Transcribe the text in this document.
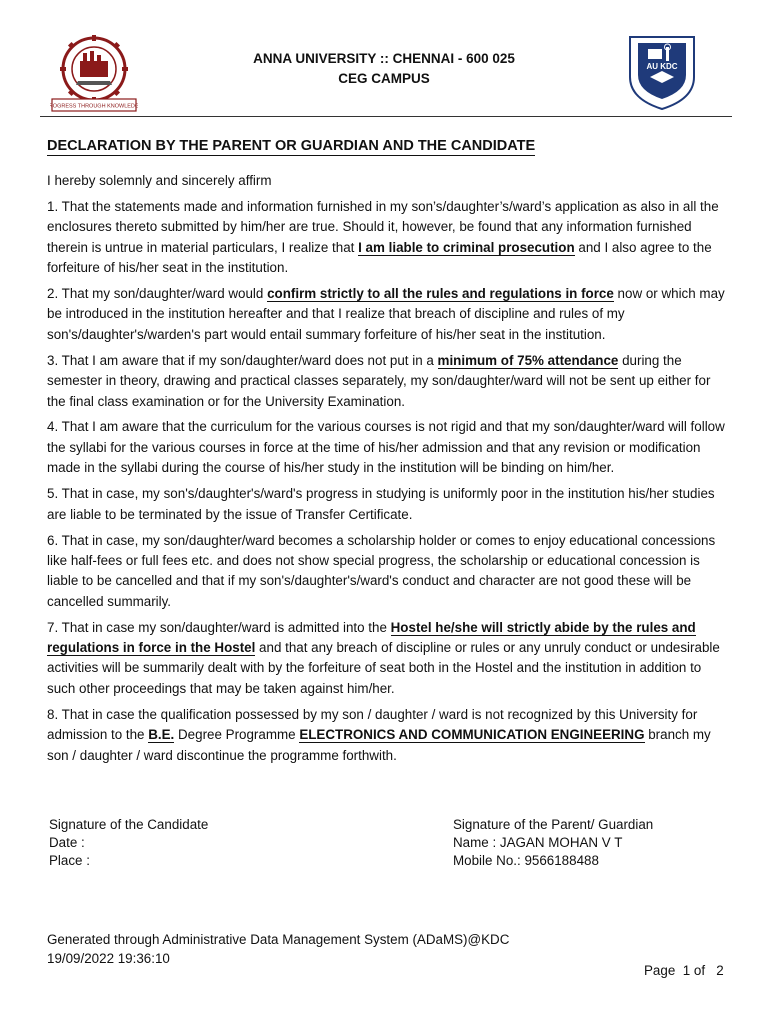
PROGRESS THROUGH KNOWLEDGE
ANNA UNIVERSITY :: CHENNAI - 600 025
CEG CAMPUS
AU KDC
DECLARATION BY THE PARENT OR GUARDIAN AND THE CANDIDATE

I hereby solemnly and sincerely affirm

1. That the statements made and information furnished in my son’s/daughter’s/ward’s application as also in all the enclosures thereto submitted by him/her are true. Should it, however, be found that any information furnished therein is untrue in material particulars, I realize that I am liable to criminal prosecution and I also agree to the forfeiture of his/her seat in the institution.

2. That my son/daughter/ward would confirm strictly to all the rules and regulations in force now or which may be introduced in the institution hereafter and that I realize that breach of discipline and rules of my son's/daughter's/warden's part would entail summary forfeiture of his/her seat in the institution.

3. That I am aware that if my son/daughter/ward does not put in a minimum of 75% attendance during the semester in theory, drawing and practical classes separately, my son/daughter/ward will not be sent up either for the final class examination or for the University Examination.

4. That I am aware that the curriculum for the various courses is not rigid and that my son/daughter/ward will follow the syllabi for the various courses in force at the time of his/her admission and that any revision or modification made in the syllabi during the course of his/her study in the institution will be binding on him/her.

5. That in case, my son's/daughter's/ward's progress in studying is uniformly poor in the institution his/her studies are liable to be terminated by the issue of Transfer Certificate.

6. That in case, my son/daughter/ward becomes a scholarship holder or comes to enjoy educational concessions like half-fees or full fees etc. and does not show special progress, the scholarship or educational concession is liable to be cancelled and that if my son's/daughter's/ward's conduct and character are not good these will be cancelled summarily.

7. That in case my son/daughter/ward is admitted into the Hostel he/she will strictly abide by the rules and regulations in force in the Hostel and that any breach of discipline or rules or any unruly conduct or undesirable activities will be summarily dealt with by the forfeiture of seat both in the Hostel and the institution in addition to such other proceedings that may be taken against him/her.

8. That in case the qualification possessed by my son / daughter / ward is not recognized by this University for admission to the B.E. Degree Programme ELECTRONICS AND COMMUNICATION ENGINEERING branch my son / daughter / ward discontinue the programme forthwith.

Signature of the Candidate
Date :
Place :
Signature of the Parent/ Guardian
Name : JAGAN MOHAN V T
Mobile No.: 9566188488
Generated through Administrative Data Management System (ADaMS)@KDC
19/09/2022 19:36:10
Page 1 of 2
